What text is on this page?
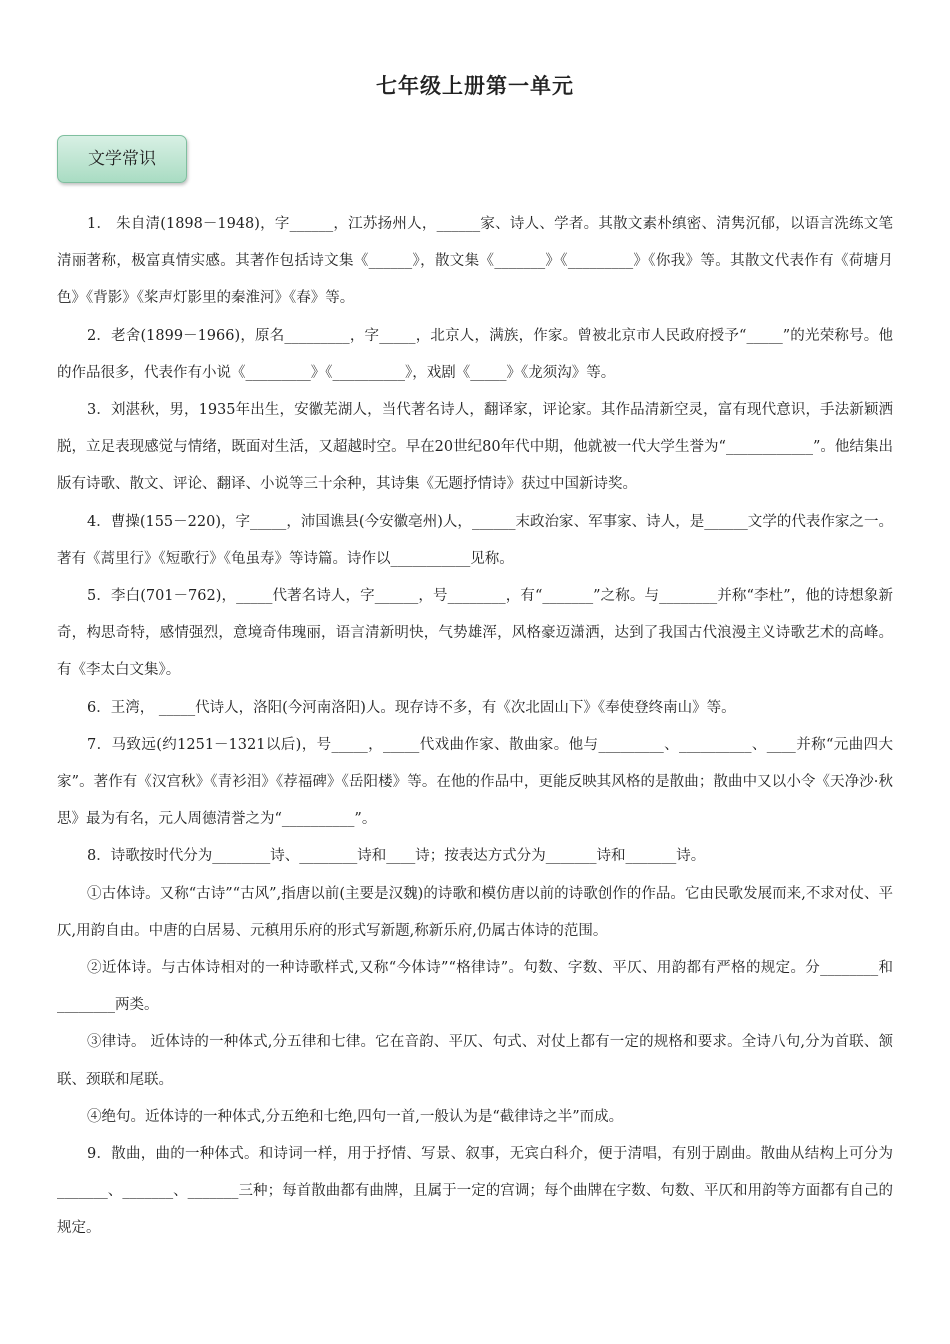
七年级上册第一单元
文学常识

1． 朱自清(1898－1948)，字______，江苏扬州人，______家、诗人、学者。其散文素朴缜密、清隽沉郁，以语言洗练文笔清丽著称，极富真情实感。其著作包括诗文集《______》，散文集《_______》《_________》《你我》等。其散文代表作有《荷塘月色》《背影》《桨声灯影里的秦淮河》《春》等。

2．老舍(1899－1966)，原名_________，字_____，北京人，满族，作家。曾被北京市人民政府授予“_____”的光荣称号。他的作品很多，代表作有小说《_________》《__________》，戏剧《_____》《龙须沟》等。

3．刘湛秋，男，1935年出生，安徽芜湖人，当代著名诗人，翻译家，评论家。其作品清新空灵，富有现代意识，手法新颖洒脱，立足表现感觉与情绪，既面对生活，又超越时空。早在20世纪80年代中期，他就被一代大学生誉为“____________”。他结集出版有诗歌、散文、评论、翻译、小说等三十余种，其诗集《无题抒情诗》获过中国新诗奖。

4．曹操(155－220)，字_____，沛国谯县(今安徽亳州)人，______末政治家、军事家、诗人，是______文学的代表作家之一。著有《蒿里行》《短歌行》《龟虽寿》等诗篇。诗作以___________见称。

5．李白(701－762)，_____代著名诗人，字______，号________，有“_______”之称。与________并称“李杜”，他的诗想象新奇，构思奇特，感情强烈，意境奇伟瑰丽，语言清新明快，气势雄浑，风格豪迈潇洒，达到了我国古代浪漫主义诗歌艺术的高峰。有《李太白文集》。

6．王湾， _____代诗人，洛阳(今河南洛阳)人。现存诗不多，有《次北固山下》《奉使登终南山》等。

7．马致远(约1251－1321以后)，号_____，_____代戏曲作家、散曲家。他与_________、__________、____并称“元曲四大家”。著作有《汉宫秋》《青衫泪》《荐福碑》《岳阳楼》等。在他的作品中，更能反映其风格的是散曲；散曲中又以小令《天净沙·秋思》最为有名，元人周德清誉之为“__________”。

8．诗歌按时代分为________诗、________诗和____诗；按表达方式分为_______诗和_______诗。

①古体诗。又称“古诗”“古风”,指唐以前(主要是汉魏)的诗歌和模仿唐以前的诗歌创作的作品。它由民歌发展而来,不求对仗、平仄,用韵自由。中唐的白居易、元稹用乐府的形式写新题,称新乐府,仍属古体诗的范围。

②近体诗。与古体诗相对的一种诗歌样式,又称“今体诗”“格律诗”。句数、字数、平仄、用韵都有严格的规定。分________和________两类。

③律诗。 近体诗的一种体式,分五律和七律。它在音韵、平仄、句式、对仗上都有一定的规格和要求。全诗八句,分为首联、颔联、颈联和尾联。

④绝句。近体诗的一种体式,分五绝和七绝,四句一首,一般认为是“截律诗之半”而成。

9．散曲，曲的一种体式。和诗词一样，用于抒情、写景、叙事，无宾白科介，便于清唱，有别于剧曲。散曲从结构上可分为_______、_______、_______三种；每首散曲都有曲牌，且属于一定的宫调；每个曲牌在字数、句数、平仄和用韵等方面都有自己的规定。
